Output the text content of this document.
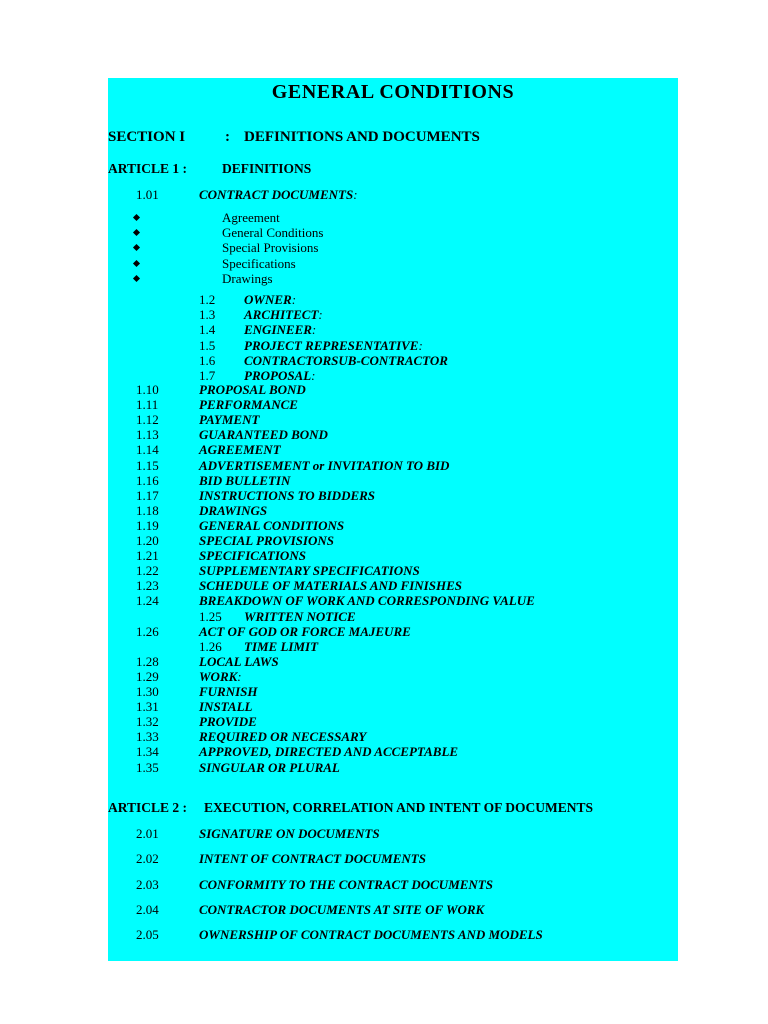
GENERAL CONDITIONS
SECTION I	: DEFINITIONS AND DOCUMENTS
ARTICLE 1 :	DEFINITIONS
1.01	CONTRACT DOCUMENTS:
Agreement
General Conditions
Special Provisions
Specifications
Drawings
1.2 OWNER:
1.3 ARCHITECT:
1.4 ENGINEER:
1.5 PROJECT REPRESENTATIVE:
1.6 CONTRACTORSUB-CONTRACTOR
1.7 PROPOSAL:
1.10	PROPOSAL BOND
1.11	PERFORMANCE
1.12	PAYMENT
1.13	GUARANTEED BOND
1.14	AGREEMENT
1.15	ADVERTISEMENT or INVITATION TO BID
1.16	BID BULLETIN
1.17	INSTRUCTIONS TO BIDDERS
1.18	DRAWINGS
1.19	GENERAL CONDITIONS
1.20	SPECIAL PROVISIONS
1.21	SPECIFICATIONS
1.22	SUPPLEMENTARY SPECIFICATIONS
1.23	SCHEDULE OF MATERIALS AND FINISHES
1.24	BREAKDOWN OF WORK AND CORRESPONDING VALUE
1.25 WRITTEN NOTICE
1.26	ACT OF GOD OR FORCE MAJEURE
1.26 TIME LIMIT
1.28	LOCAL LAWS
1.29	WORK:
1.30	FURNISH
1.31	INSTALL
1.32	PROVIDE
1.33	REQUIRED OR NECESSARY
1.34	APPROVED, DIRECTED AND ACCEPTABLE
1.35	SINGULAR OR PLURAL
ARTICLE 2 : EXECUTION, CORRELATION AND INTENT OF DOCUMENTS
2.01	SIGNATURE ON DOCUMENTS
2.02	INTENT OF CONTRACT DOCUMENTS
2.03	CONFORMITY TO THE CONTRACT DOCUMENTS
2.04	CONTRACTOR DOCUMENTS AT SITE OF WORK
2.05	OWNERSHIP OF CONTRACT DOCUMENTS AND MODELS
